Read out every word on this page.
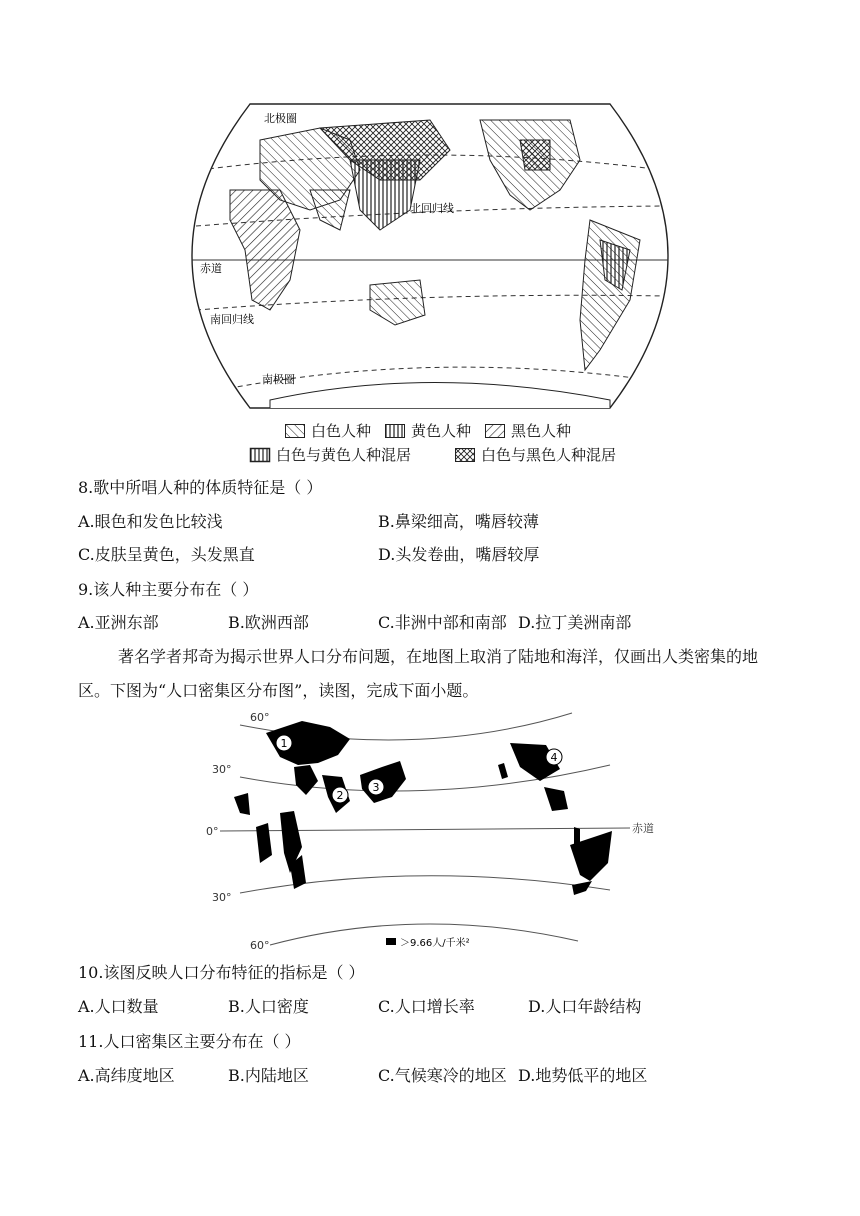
北极圈
北回归线
赤道
南回归线
南极圈
白色人种	黄色人种	黑色人种
白色与黄色人种混居	白色与黑色人种混居
8.歌中所唱人种的体质特征是（ ）
A.眼色和发色比较浅	B.鼻梁细高，嘴唇较薄
C.皮肤呈黄色，头发黑直	D.头发卷曲，嘴唇较厚
9.该人种主要分布在（ ）
A.亚洲东部	B.欧洲西部	C.非洲中部和南部 D.拉丁美洲南部
著名学者邦奇为揭示世界人口分布问题，在地图上取消了陆地和海洋，仅画出人类密集的地区。下图为“人口密集区分布图”，读图，完成下面小题。
1
2
3
4
60°
30°
0°
30°
60°
赤道
＞9.66人/千米²
10.该图反映人口分布特征的指标是（ ）
A.人口数量	B.人口密度	C.人口增长率	D.人口年龄结构
11.人口密集区主要分布在（ ）
A.高纬度地区	B.内陆地区	C.气候寒冷的地区 D.地势低平的地区
